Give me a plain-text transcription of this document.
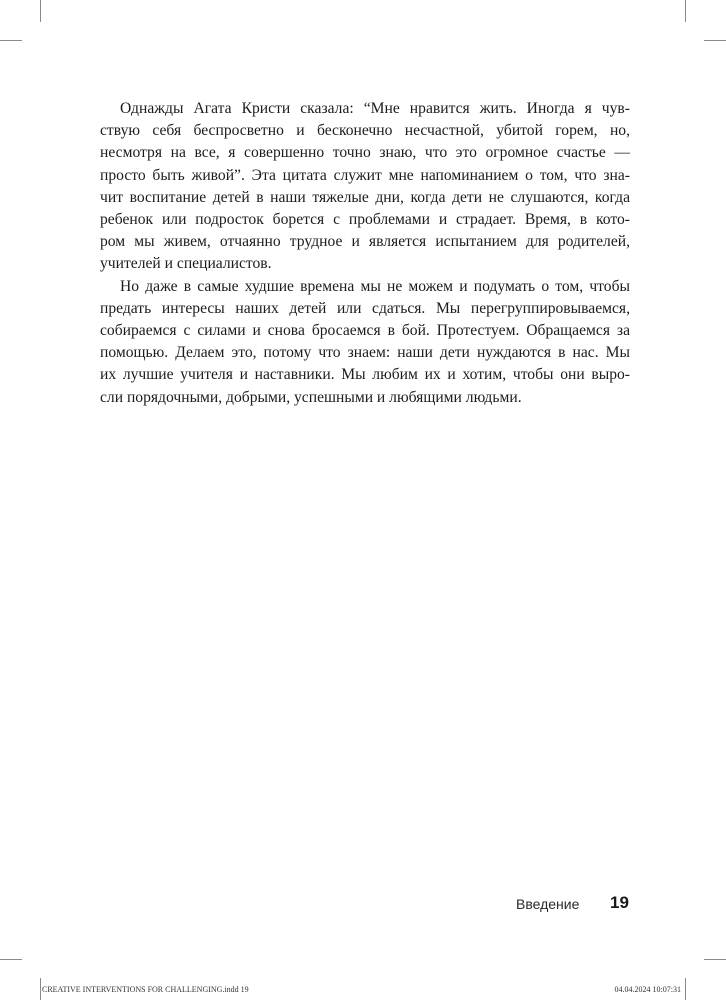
Однажды Агата Кристи сказала: “Мне нравится жить. Иногда я чув-
ствую себя беспросветно и бесконечно несчастной, убитой горем, но,
несмотря на все, я совершенно точно знаю, что это огромное счастье —
просто быть живой”. Эта цитата служит мне напоминанием о том, что зна-
чит воспитание детей в наши тяжелые дни, когда дети не слушаются, когда
ребенок или подросток борется с проблемами и страдает. Время, в кото-
ром мы живем, отчаянно трудное и является испытанием для родителей,
учителей и специалистов.
Но даже в самые худшие времена мы не можем и подумать о том, чтобы
предать интересы наших детей или сдаться. Мы перегруппировываемся,
собираемся с силами и снова бросаемся в бой. Протестуем. Обращаемся за
помощью. Делаем это, потому что знаем: наши дети нуждаются в нас. Мы
их лучшие учителя и наставники. Мы любим их и хотим, чтобы они выро-
сли порядочными, добрыми, успешными и любящими людьми.
Введение 19
CREATIVE INTERVENTIONS FOR CHALLENGING.indd 19	04.04.2024 10:07:31
